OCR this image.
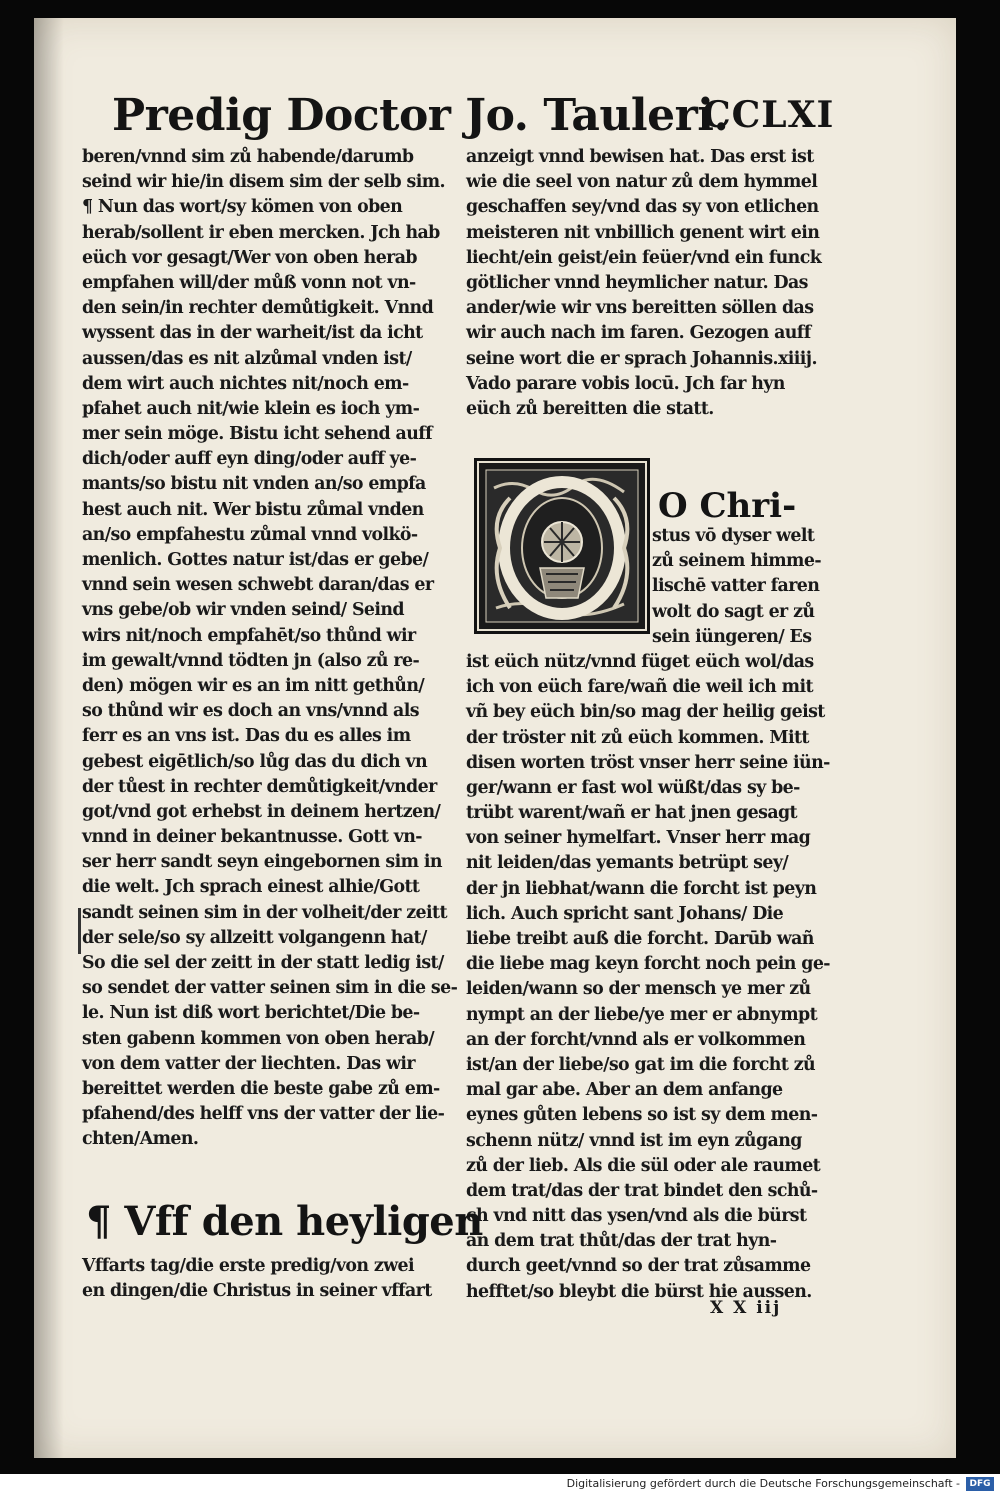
Predig Doctor Jo. Tauleri.
CCLXI
beren/vnnd sim zů habende/darumb
seind wir hie/in disem sim der selb sim.
¶ Nun das wort/sy kömen von oben
herab/sollent ir eben mercken. Jch hab
eüch vor gesagt/Wer von oben herab
empfahen will/der můß vonn not vn-
den sein/in rechter demůtigkeit. Vnnd
wyssent das in der warheit/ist da icht
aussen/das es nit alzůmal vnden ist/
dem wirt auch nichtes nit/noch em-
pfahet auch nit/wie klein es ioch ym-
mer sein möge. Bistu icht sehend auff
dich/oder auff eyn ding/oder auff ye-
mants/so bistu nit vnden an/so empfa
hest auch nit. Wer bistu zůmal vnden
an/so empfahestu zůmal vnnd volkö-
menlich. Gottes natur ist/das er gebe/
vnnd sein wesen schwebt daran/das er
vns gebe/ob wir vnden seind/ Seind
wirs nit/noch empfahēt/so thůnd wir
im gewalt/vnnd tödten jn (also zů re-
den) mögen wir es an im nitt gethůn/
so thůnd wir es doch an vns/vnnd als
ferr es an vns ist. Das du es alles im
gebest eigētlich/so lůg das du dich vn
der tůest in rechter demůtigkeit/vnder
got/vnd got erhebst in deinem hertzen/
vnnd in deiner bekantnusse. Gott vn-
ser herr sandt seyn eingebornen sim in
die welt. Jch sprach einest alhie/Gott
sandt seinen sim in der volheit/der zeitt
der sele/so sy allzeitt volgangenn hat/
So die sel der zeitt in der statt ledig ist/
so sendet der vatter seinen sim in die se-
le. Nun ist diß wort berichtet/Die be-
sten gabenn kommen von oben herab/
von dem vatter der liechten. Das wir
bereittet werden die beste gabe zů em-
pfahend/des helff vns der vatter der lie-
chten/Amen.
anzeigt vnnd bewisen hat. Das erst ist
wie die seel von natur zů dem hymmel
geschaffen sey/vnd das sy von etlichen
meisteren nit vnbillich genent wirt ein
liecht/ein geist/ein feüer/vnd ein funck
götlicher vnnd heymlicher natur. Das
ander/wie wir vns bereitten söllen das
wir auch nach im faren. Gezogen auff
seine wort die er sprach Johannis.xiiij.
Vado parare vobis locū. Jch far hyn
eüch zů bereitten die statt.
O Chri-
stus vō dyser welt
zů seinem himme-
lischē vatter faren
wolt do sagt er zů
sein iüngeren/ Es
ist eüch nütz/vnnd füget eüch wol/das
ich von eüch fare/wañ die weil ich mit
vñ bey eüch bin/so mag der heilig geist
der tröster nit zů eüch kommen. Mitt
disen worten tröst vnser herr seine iün-
ger/wann er fast wol wüßt/das sy be-
trübt warent/wañ er hat jnen gesagt
von seiner hymelfart. Vnser herr mag
nit leiden/das yemants betrüpt sey/
der jn liebhat/wann die forcht ist peyn
lich. Auch spricht sant Johans/ Die
liebe treibt auß die forcht. Darūb wañ
die liebe mag keyn forcht noch pein ge-
leiden/wann so der mensch ye mer zů
nympt an der liebe/ye mer er abnympt
an der forcht/vnnd als er volkommen
ist/an der liebe/so gat im die forcht zů
mal gar abe. Aber an dem anfange
eynes gůten lebens so ist sy dem men-
schenn nütz/ vnnd ist im eyn zůgang
zů der lieb. Als die sül oder ale raumet
dem trat/das der trat bindet den schů-
ch vnd nitt das ysen/vnd als die bürst
an dem trat thůt/das der trat hyn-
durch geet/vnnd so der trat zůsamme
hefftet/so bleybt die bürst hie aussen.
¶ Vff den heyligen
Vffarts tag/die erste predig/von zwei
en dingen/die Christus in seiner vffart
X X iij
Digitalisierung gefördert durch die Deutsche Forschungsgemeinschaft -	DFG
